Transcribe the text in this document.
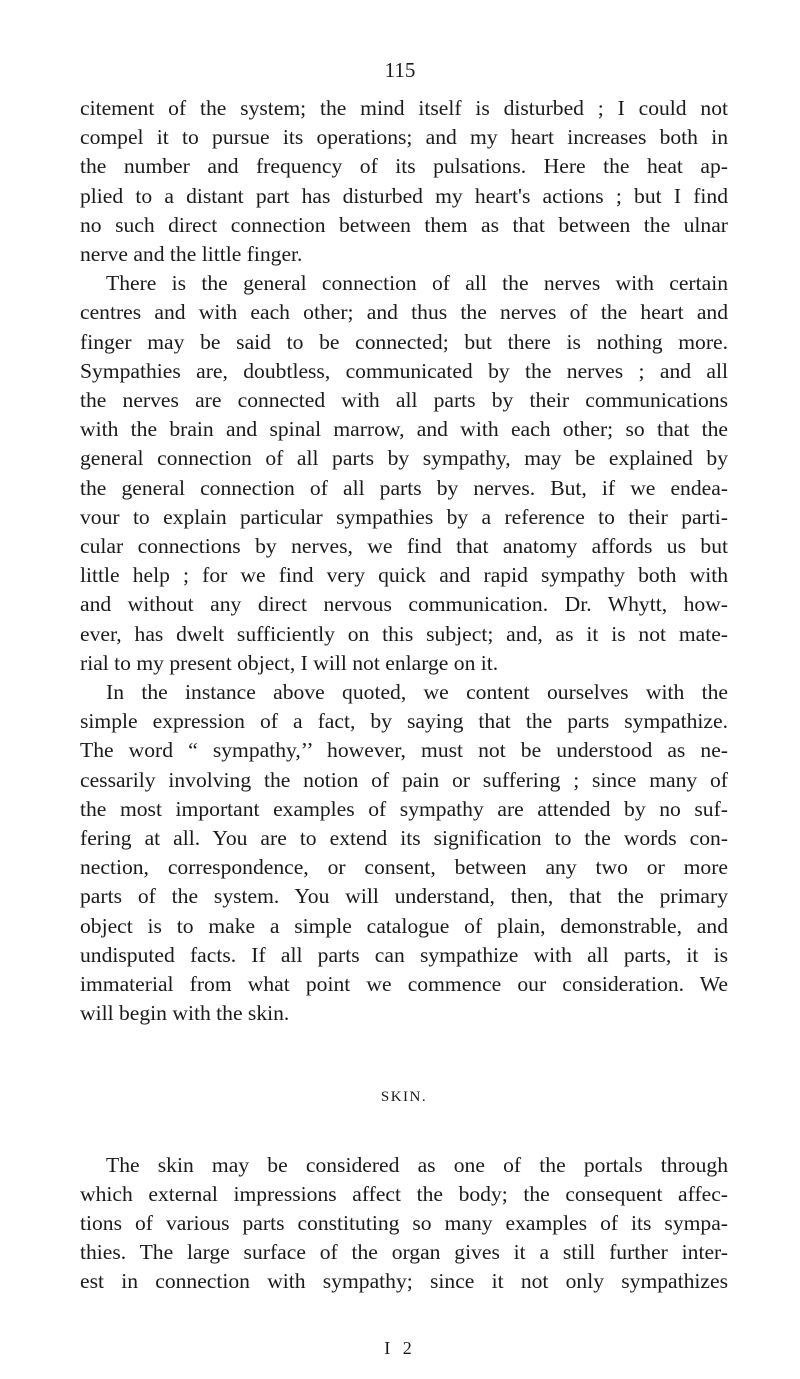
115
citement of the system; the mind itself is disturbed ; I could not
compel it to pursue its operations; and my heart increases both in
the number and frequency of its pulsations. Here the heat ap-
plied to a distant part has disturbed my heart's actions ; but I find
no such direct connection between them as that between the ulnar
nerve and the little finger.
There is the general connection of all the nerves with certain
centres and with each other; and thus the nerves of the heart and
finger may be said to be connected; but there is nothing more.
Sympathies are, doubtless, communicated by the nerves ; and all
the nerves are connected with all parts by their communications
with the brain and spinal marrow, and with each other; so that the
general connection of all parts by sympathy, may be explained by
the general connection of all parts by nerves. But, if we endea-
vour to explain particular sympathies by a reference to their parti-
cular connections by nerves, we find that anatomy affords us but
little help ; for we find very quick and rapid sympathy both with
and without any direct nervous communication. Dr. Whytt, how-
ever, has dwelt sufficiently on this subject; and, as it is not mate-
rial to my present object, I will not enlarge on it.
In the instance above quoted, we content ourselves with the
simple expression of a fact, by saying that the parts sympathize.
The word “ sympathy,’’ however, must not be understood as ne-
cessarily involving the notion of pain or suffering ; since many of
the most important examples of sympathy are attended by no suf-
fering at all. You are to extend its signification to the words con-
nection, correspondence, or consent, between any two or more
parts of the system. You will understand, then, that the primary
object is to make a simple catalogue of plain, demonstrable, and
undisputed facts. If all parts can sympathize with all parts, it is
immaterial from what point we commence our consideration. We
will begin with the skin.
SKIN.
The skin may be considered as one of the portals through
which external impressions affect the body; the consequent affec-
tions of various parts constituting so many examples of its sympa-
thies. The large surface of the organ gives it a still further inter-
est in connection with sympathy; since it not only sympathizes
I 2
